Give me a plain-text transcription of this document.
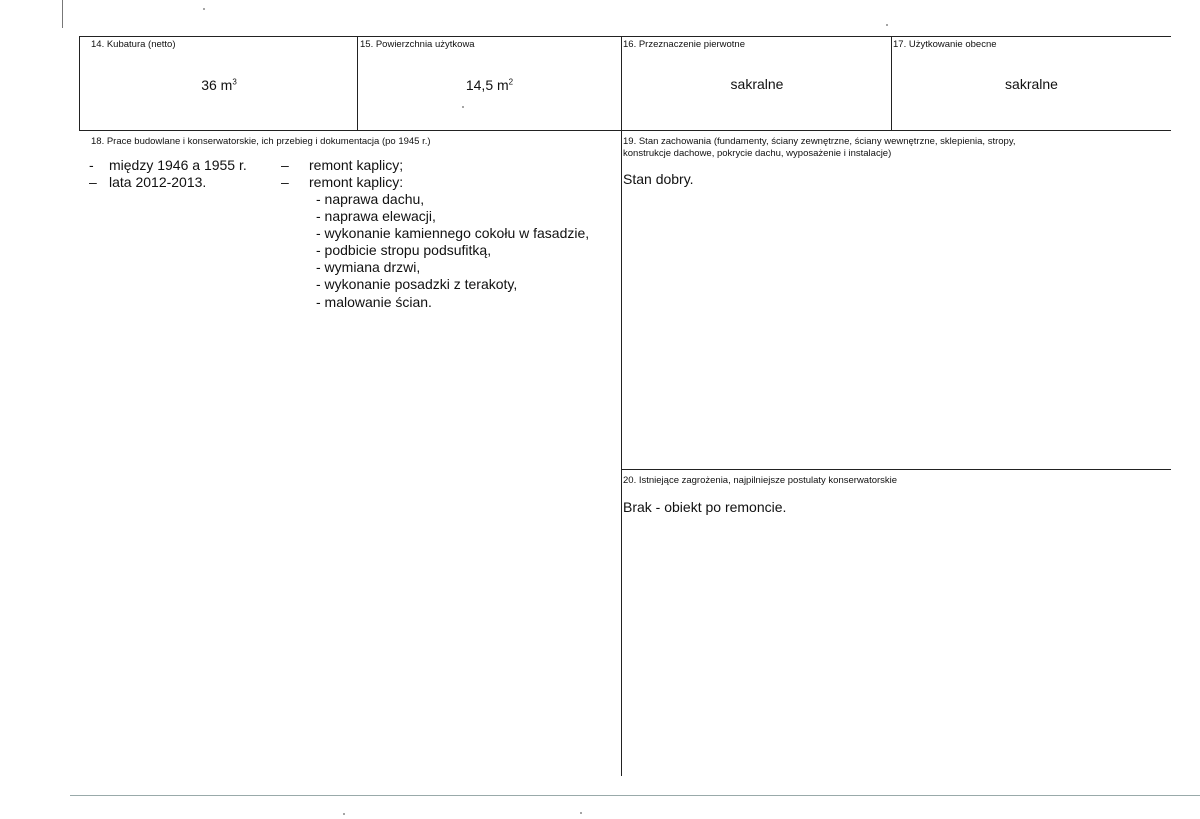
14. Kubatura (netto)
36 $m^3$
15. Powierzchnia użytkowa
14,5 $m^2$
16. Przeznaczenie pierwotne
sakralne
17. Użytkowanie obecne
sakralne
18. Prace budowlane i konserwatorskie, ich przebieg i dokumentacja (po 1945 r.)
- między 1946 a 1955 r. – remont kaplicy;
– lata 2012-2013.	– remont kaplicy:
- naprawa dachu,
- naprawa elewacji,
- wykonanie kamiennego cokołu w fasadzie,
- podbicie stropu podsufitką,
- wymiana drzwi,
- wykonanie posadzki z terakoty,
- malowanie ścian.
19. Stan zachowania (fundamenty, ściany zewnętrzne, ściany wewnętrzne, sklepienia, stropy,
konstrukcje dachowe, pokrycie dachu, wyposażenie i instalacje)
Stan dobry.
20. Istniejące zagrożenia, najpilniejsze postulaty konserwatorskie
Brak - obiekt po remoncie.
